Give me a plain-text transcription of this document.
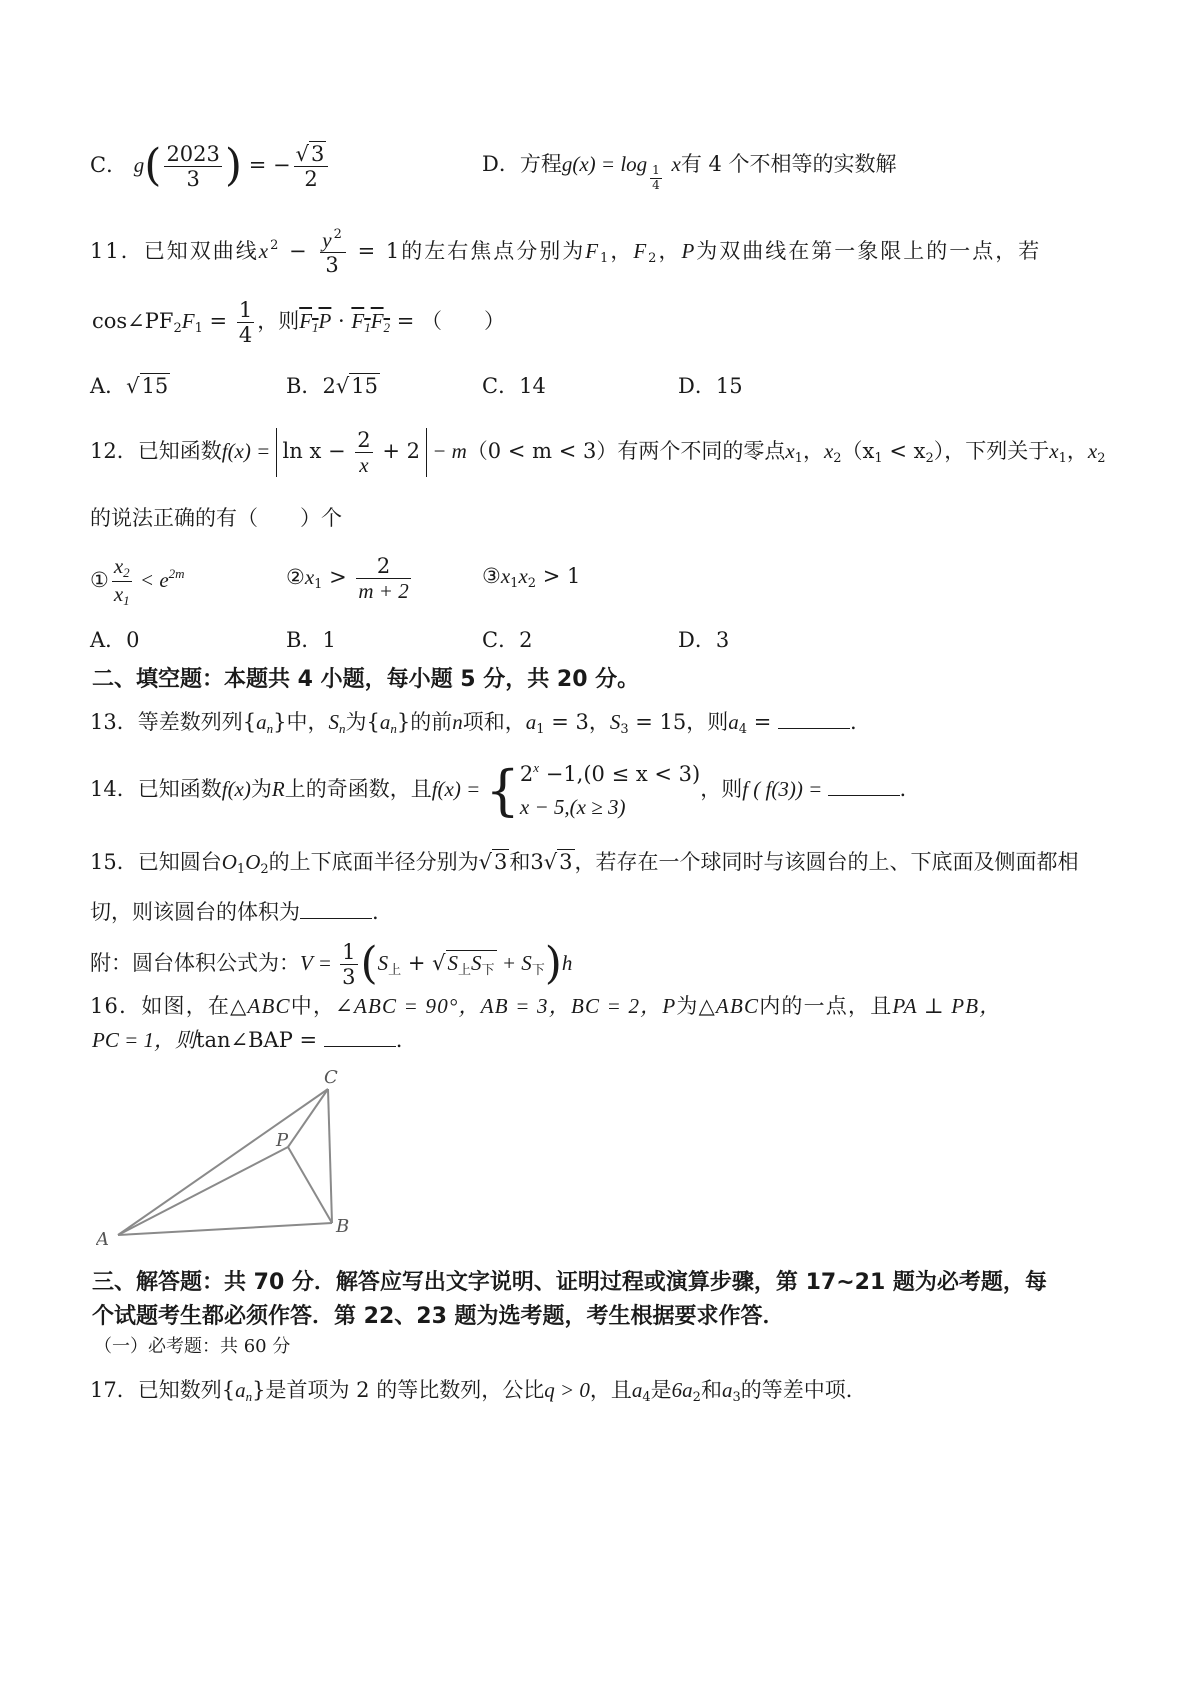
C． $g( \frac{2023}{3}$ ) = − $\frac{√3}{2}$	D．方程g(x) = log
$\frac{1}{4}$
x有 4 个不相等的实数解
11．已知双曲线$x^2 - \frac{y^2}{3} = 1$的左右焦点分别为$F_1$，$F_2$，P为双曲线在第一象限上的一点，若
$\cos\angle PF_2F_1 = \frac{1}{4}$ ，则$F_1P \cdot F_1F_2$ = （　　）
A．√15	B．2√15	C．14	D．15
12．已知函数$f(x) = \ln x - \frac{2}{x} + 2 - m(0 < m < 3)$有两个不同的零点$x_1$，$x_2(x_1 < x_2)$，下列关于$x_1$，$x_2$
的说法正确的有（　　）个
① $\frac{x_2}{x_1} < e^{2m}$	$②x_1 > \frac{2}{m + 2}$	$③x_1x_2 > 1$
A．0	B．1	C．2	D．3
二、填空题：本题共 4 小题，每小题 5 分，共 20 分。
13．等差数列列$\{a_n\}$中，$S_n$为$\{a_n\}$的前n项和，$a_1 = 3$，$S_3 = 15$，则$a_4$ =	.
14．已知函数f(x)为R上的奇函数，且f(x) = { $2^x -1,(0 \le x < 3)$
x − 5,(x ≥ 3)
，则f ( f(3)) =	.
15．已知圆台$O_1O_2$的上下底面半径分别为√3和3√3，若存在一个球同时与该圆台的上、下底面及侧面都相
切，则该圆台的体积为	.
附：圆台体积公式为：$V = \frac{1}{3} (S_上 + √S_上S_下 + S_下)h$
16．如图，在△ABC中，∠ABC = 90°，AB = 3，BC = 2，P为△ABC内的一点，且PA ⊥ PB，
PC = 1，则tan∠BAP =	.
A
B
C
P
三、解答题：共 70 分．解答应写出文字说明、证明过程或演算步骤，第 17~21 题为必考题，每
个试题考生都必须作答．第 22、23 题为选考题，考生根据要求作答．
（一）必考题：共 60 分
17．已知数列$\{a_n\}$是首项为 2 的等比数列，公比q > 0，且$a_4$是$6a_2$和$a_3$的等差中项．
